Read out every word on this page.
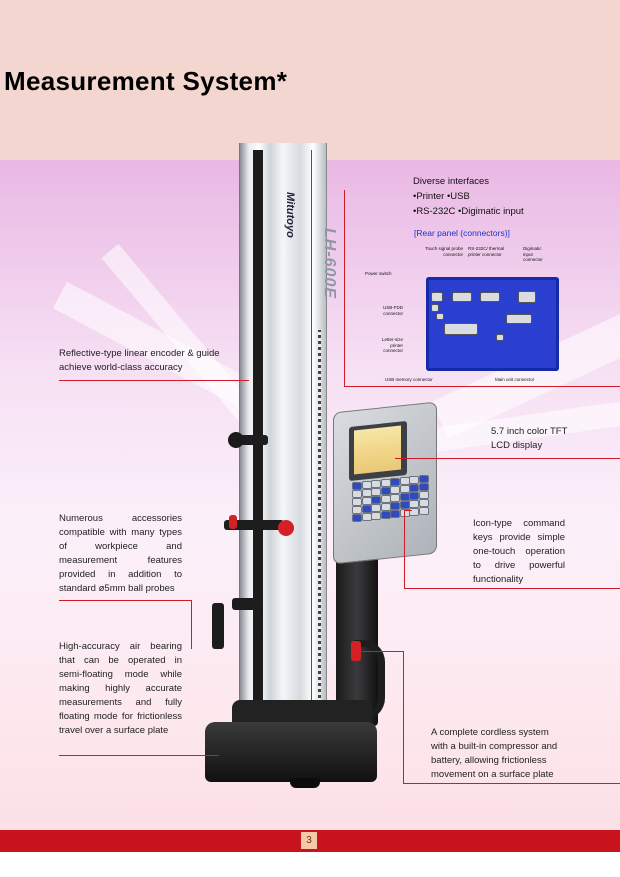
Measurement System*
Mitutoyo
LH-600E
Diverse interfaces
•Printer •USB
•RS-232C •Digimatic input
[Rear panel (connectors)]
Touch signal probe connector
RS-232C/ thermal printer connector
Digimatic input connector
Power switch
USB-FDD connector
Letter-size printer connector
USB memory connector	Main unit connector

Reflective-type linear encoder & guide achieve world-class accuracy

Numerous accessories compatible with many types of workpiece and measurement features provided in addition to standard ø5mm ball probes

High-accuracy air bearing that can be operated in semi-floating mode while making highly accurate measurements and fully floating mode for frictionless travel over a surface plate

5.7 inch color TFT LCD display

Icon-type command keys provide simple one-touch operation to drive powerful functionality

A complete cordless system with a built-in compressor and battery, allowing frictionless movement on a surface plate

3
